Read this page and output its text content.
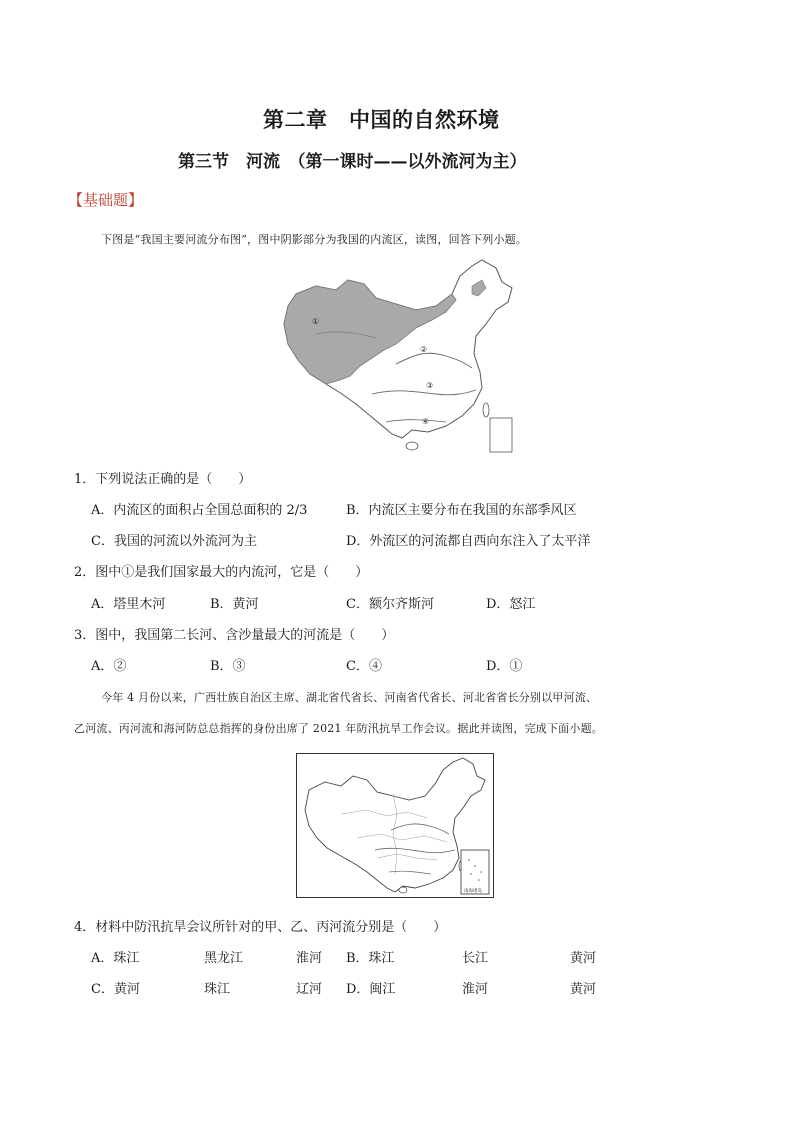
第二章　中国的自然环境
第三节　河流　（第一课时——以外流河为主）
【基础题】
下图是“我国主要河流分布图”，图中阴影部分为我国的内流区，读图，回答下列小题。
①
②
③
④
1．下列说法正确的是（　　）
A．内流区的面积占全国总面积的 2/3	B．内流区主要分布在我国的东部季风区
C．我国的河流以外流河为主	D．外流区的河流都自西向东注入了太平洋
2．图中①是我们国家最大的内流河，它是（　　）
A．塔里木河	B．黄河	C．额尔齐斯河	D．怒江
3．图中，我国第二长河、含沙量最大的河流是（　　）
A．②	B．③	C．④	D．①
今年 4 月份以来，广西壮族自治区主席、湖北省代省长、河南省代省长、河北省省长分别以甲河流、
乙河流、丙河流和海河防总总指挥的身份出席了 2021 年防汛抗旱工作会议。据此并读图，完成下面小题。
南海诸岛
4．材料中防汛抗旱会议所针对的甲、乙、丙河流分别是（　　）
A．珠江	黑龙江	淮河 B．珠江	长江	黄河
C．黄河	珠江	辽河 D．闽江	淮河	黄河
